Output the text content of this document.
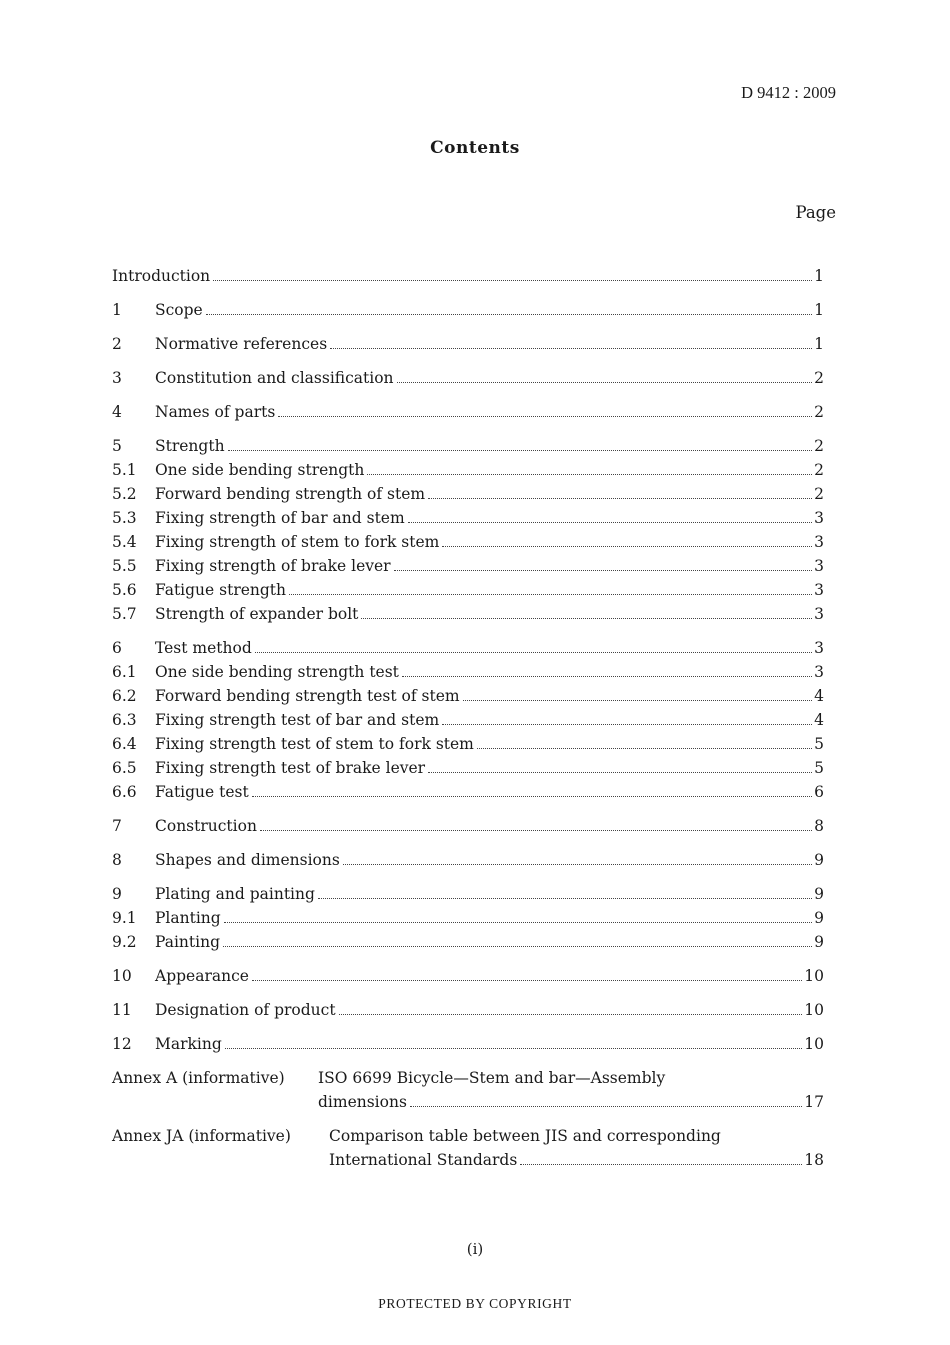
D 9412 : 2009
Contents
Page
Introduction	1
1	Scope	1
2	Normative references	1
3	Constitution and classification	2
4	Names of parts	2
5	Strength	2
5.1	One side bending strength	2
5.2	Forward bending strength of stem	2
5.3	Fixing strength of bar and stem	3
5.4	Fixing strength of stem to fork stem	3
5.5	Fixing strength of brake lever	3
5.6	Fatigue strength	3
5.7	Strength of expander bolt	3
6	Test method	3
6.1	One side bending strength test	3
6.2	Forward bending strength test of stem	4
6.3	Fixing strength test of bar and stem	4
6.4	Fixing strength test of stem to fork stem	5
6.5	Fixing strength test of brake lever	5
6.6	Fatigue test	6
7	Construction	8
8	Shapes and dimensions	9
9	Plating and painting	9
9.1	Planting	9
9.2	Painting	9
10	Appearance	10
11	Designation of product	10
12	Marking	10
Annex A (informative)	ISO 6699 Bicycle—Stem and bar—Assembly
dimensions	17
Annex JA (informative)	Comparison table between JIS and corresponding
International Standards	18
(i)
PROTECTED BY COPYRIGHT
